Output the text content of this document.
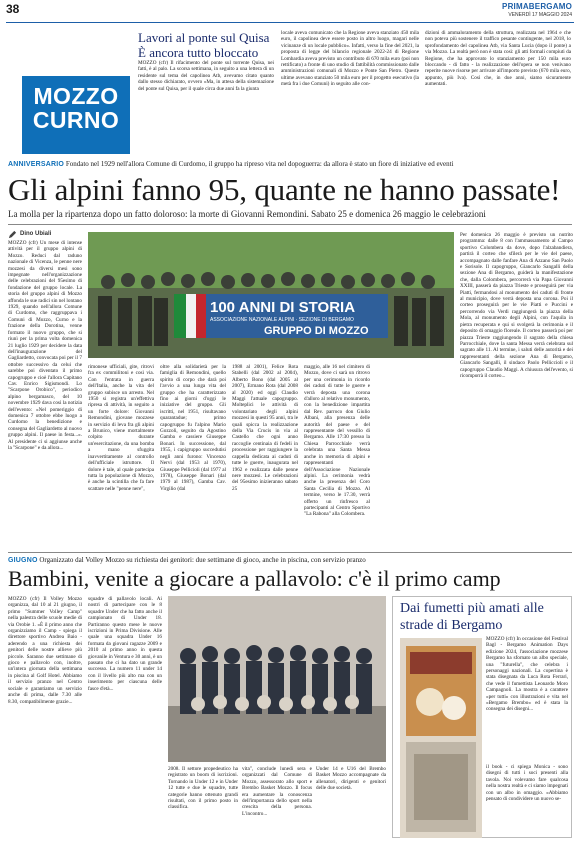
38	PRIMABERGAMO
VENERDÌ 17 MAGGIO 2024
MOZZO CURNO
Lavori al ponte sul Quisa È ancora tutto bloccato
MOZZO (cfr) Il rifacimento del ponte sul torrente Quisa, nei fatti, è al palo. La scorsa settimana, in seguito a una lettera di un residente sul tema del capolinea Atb, avevamo citato quanto dallo stesso dichiarato, ovvero «Ma, in attesa della sistemazione del ponte sul Quisa, per il quale circa due anni fa la giunta
locale aveva comunicato che la Regione aveva stanziato 450 mila euro, il capolinea deve essere posto in altro luogo, magari nelle vicinanze di un locale pubblico». Infatti, verso la fine del 2021, la proposta di legge del bilancio regionale 2022-24 di Regione Lombardia aveva previsto un contributo di 670 mila euro (poi non rettificato) a fronte di uno studio di fattibilità commissionato dalle amministrazioni comunali di Mozzo e Ponte San Pietro. Queste ultime avevano stanziato 50 mila euro per il progetto esecutivo (la metà fra i due Comuni) in seguito alle con-
dizioni di ammaloramento della struttura, realizzata nel 1964 e che non poteva più sostenere il traffico pesante contingente, nel 2018, lo sprofondamento del capolinea Atb, via Santa Lucia (dopo il ponte) a via Mozzo. La realtà però non è stata così: gli atti formali compiuti da Regione, che ha approvato lo stanziamento per 150 mila euro bloccando - di fatto - la realizzazione dell'opera se non venivano reperite nuove risorse per arrivare all'importo previsto (670 mila euro, appunto, più Iva). Così che, in due anni, siamo sicuramente aumentati.
ANNIVERSARIO Fondato nel 1929 nell'allora Comune di Curdomo, il gruppo ha ripreso vita nel dopoguerra: da allora è stato un fiore di iniziative ed eventi
Gli alpini fanno 95, quante ne hanno passate!
La molla per la ripartenza dopo un fatto doloroso: la morte di Giovanni Remondini. Sabato 25 e domenica 26 maggio le celebrazioni
Dino Ubiali
100 ANNI DI STORIA
ASSOCIAZIONE NAZIONALE ALPINI · SEZIONE DI BERGAMO
GRUPPO DI MOZZO
MOZZO (cfr) Un mese di intense attività per il gruppo alpini di Mozzo. Reduci dal raduno nazionale di Vicenza, le penne nere mozzesi da diversi mesi sono impegnate nell'organizzazione delle celebrazioni del 95esimo di fondazione del gruppo locale. La storia del gruppo alpini di Mozzo affonda le sue radici sin nel lontano 1929, quando nell'allora Comune di Curdomo, che raggruppava i Comuni di Mozzo, Curno e la frazione della Dorotina, venne formato il nuovo gruppo, che si riunì per la prima volta domenica 21 luglio 1929 per decidere la data dell'inaugurazione del Gagliardetto, convocata poi per il 7 ottobre successivo da celui che sarebbe poi diventato il primo capogruppo e cioè l'allora Capitano Cav. Enrico Sigismondi. Lo "Scarpone Orobico", periodico alpino bergamasco, del 10 novembre 1929 dava così la notizia dell'evento: «Nel pomeriggio di domenica 7 ottobre ebbe luogo a Curdomo la benedizione e consegna del Gagliardetto al nuovo gruppo alpini. Il paese in festa...». Al presidente ci si aggiunse anche la "Scarpone" e da allora...
rimonese ufficiali, gite, ritrovi fra ex commilitoni e così via. Con l'entrata in guerra dell'Italia, anche la vita del gruppo subisce un arresto. Nel 1950 si registra un'effettiva ripresa di attività, in seguito a un forte dolore: Giovanni Remondini, giovane mozzese in servizio di leva fra gli alpini a Brunico, viene mortalmente colpito durante un'esercitazione, da una bomba a mano sfuggita inavvertitamente al controllo dell'ufficiale istruttore. Il dolore è tale, al quale partecipa tutta la popolazione di Mozzo, è anche la scintilla che fa fare scattare nelle "penne nere",
oltre alla solidarietà per la famiglia di Remondini, quello spirito di corpo che darà poi l'avvio a una lunga vita del gruppo che ha caratterizzato fino ai giorni d'oggi le iniziative del gruppo. Gli iscritti, nel 1951, risultavano quarantadue; primo capogruppo fu l'alpino Mario Gozzoli, seguito da Agostino Gamba e cassiere Giuseppe Bonari. In successione, dal 1955, i capigruppo succedutisi negli anni furono: Vincenzo Nervi (dal 1953 al 1970), Giuseppe Pellicioli (dal 1977 al 1978), Giuseppe Bonari (dal 1979 al 1987), Gamba Cav. Virgilio (dal
1988 al 2001), Felice Rota Stabelli (dal 2002 al 2004), Alberto Bono (dal 2005 al 2007), Ermano Rota (dal 2008 al 2020) ed oggi Claudio Maggi l'attuale capogruppo. Molteplici le attività di volontariato degli alpini mozzesi in questi 95 anni, tra le quali spicca la realizzazione della Via Crucis in via al Castello che ogni anno raccoglie centinaia di fedeli in processione per raggiungere la cappella dedicata ai caduti di tutte le guerre, inaugurata nel 1962 e realizzata dalle penne nere mozzesi. Le celebrazioni del 95esimo inizieranno sabato 25
maggio, alle 16 nel cimitero di Mozzo, dove ci sarà un ritrovo per una cerimonia in ricordo dei caduti di tutte le guerre e verrà deposta una corona d'alloro al relativo monumento, con la benedizione impartita dal Rev. parroco don Giulio Albani, alla presenza delle autorità del paese e del rappresentante del vessillo di Bergamo. Alle 17:30 presso la Chiesa Parrocchiale verrà celebrata una Santa Messa anche in memoria di alpini e rappresentanti dell'Associazione Nazionale alpini. La cerimonia vedrà anche la presenza del Coro Santa Cecilia di Mozzo. Al termine, verso le 17.30, verrà offerto un rinfresco al partecipanti al Centro Sportivo "La Rabona" alla Colombera.
Per domenica 26 maggio è previsto un nutrito programma: dalle 8 con l'ammassamento al Campo sportivo Colombera da dove, dopo l'alzabandiera, partirà il corteo che sfilerà per le vie del paese, accompagnato dalle fanfare Ana di Azzano San Paolo e Sorisole. Il capogruppo, Giancarlo Sangalli della sezione Ana di Bergamo, guiderà la manifestazione che, dalla Colombera, percorrerà via Papa Giovanni XXIII, passerà da piazza Trieste e proseguirà per via Piatti, fermandosi al monumento dei caduti di fronte al municipio, dove verrà deposta una corona. Poi il corteo proseguirà per le vie Piatti e Puccini e percorrendo via Verdi raggiungerà la piazza della Mola, al monumento degli Alpini, con l'aquila in pietra recuperata e qui si svolgerà la cerimonia e il deposito di omaggio floreale. Il corteo passerà poi per piazza Trieste raggiungendo il sagrato della chiesa Parrocchiale, dove la santa Messa verrà celebrata sul sagrato alle 11. Al termine, i saluti delle autorità e dei rappresentanti della sezione Ana di Bergamo, Giancarlo Sangalli, il sindaco Paolo Pelliccioli e il capogruppo Claudio Maggi. A chiusura dell'evento, si ricomporrà il corteo...
GIUGNO Organizzato dal Volley Mozzo su richiesta dei genitori: due settimane di gioco, anche in piscina, con servizio pranzo
Bambini, venite a giocare a pallavolo: c'è il primo camp
MOZZO (cfr) Il Volley Mozzo organizza, dal 10 al 21 giugno, il primo "Summer Volley Camp" nella palestra delle scuole medie di via Orobie 1. «È il primo anno che organizziamo il Camp - spiega il direttore sportivo Andrea Baio - aderendo a una richiesta dei genitori delle nostre allieve più piccole. Saranno due settimane di gioco e pallavolo con, inoltre, un'intera giornata della settimana in piscina al Golf Hotel. Abbiamo il servizio pranzo nel Centro sociale e garantiamo un servizio anche di prima, dalle 7.30 alle 8.30, compatibilmente grazie...
squadre di pallavolo locali. Ai nostri di partecipare con le 8 squadre Under che ha fatto anche il campionato di Under 18. Partiranno questo mese le nuove iscrizioni in Prima Divisione. Alle quale una squadra Under 16 formata da giovani ragazze 2009 e 2010 al primo anno in questa giovanile in Ventura e 30 anni, è un passato che ci ha dato un grande successo. La numero 11 under 14 con il livello più alto ma con un inserimento per ciascuna delle fasce d'età...
2008. Il settore propedeutico ha registrato un boom di iscrizioni. Tornando in Under 12 e in Under 12 tutte e due le squadre, tutte categorie hanno ottenuto grandi risultati, con il primo posto in classifica.
vita", conclude lunedì sera e organizzati dal Comune di Mozzo, assessorato allo sport e Brembo Basket Mozzo. Il focus era aumentare la conoscenza dell'importanza dello sport nella crescita della persona. L'incontro...
Under 14 e U16 del Brembo Basket Mozzo accompagnate da allenatori, dirigenti e genitori delle due società.
Dai fumetti più amati alle strade di Bergamo
MOZZO (cfr) In occasione del Festival Bagl - Bergamo Animation Days edizione 2024, l'associazione mozzese Bergamo ha sfornato un albo speciale, una "futurella", che celebra i personaggi nazionali. La copertina è stata disegnata da Luca Rota Ferrari, che vede il fumettista Leonardo Moro Campagnoli. La mostra è a carattere «per tutti» con illustrazioni e vita nel «Bergamo Brembo» ed è stata la consegna dei disegni...
il book - ci spiega Monica - sono disegni di tutti i soci presenti alla tavola. Noi volevamo fare qualcosa nella nostra realtà e ci siamo impegnati con un albo in omaggio. «Abbiamo pensato di condividere un nuovo se-
